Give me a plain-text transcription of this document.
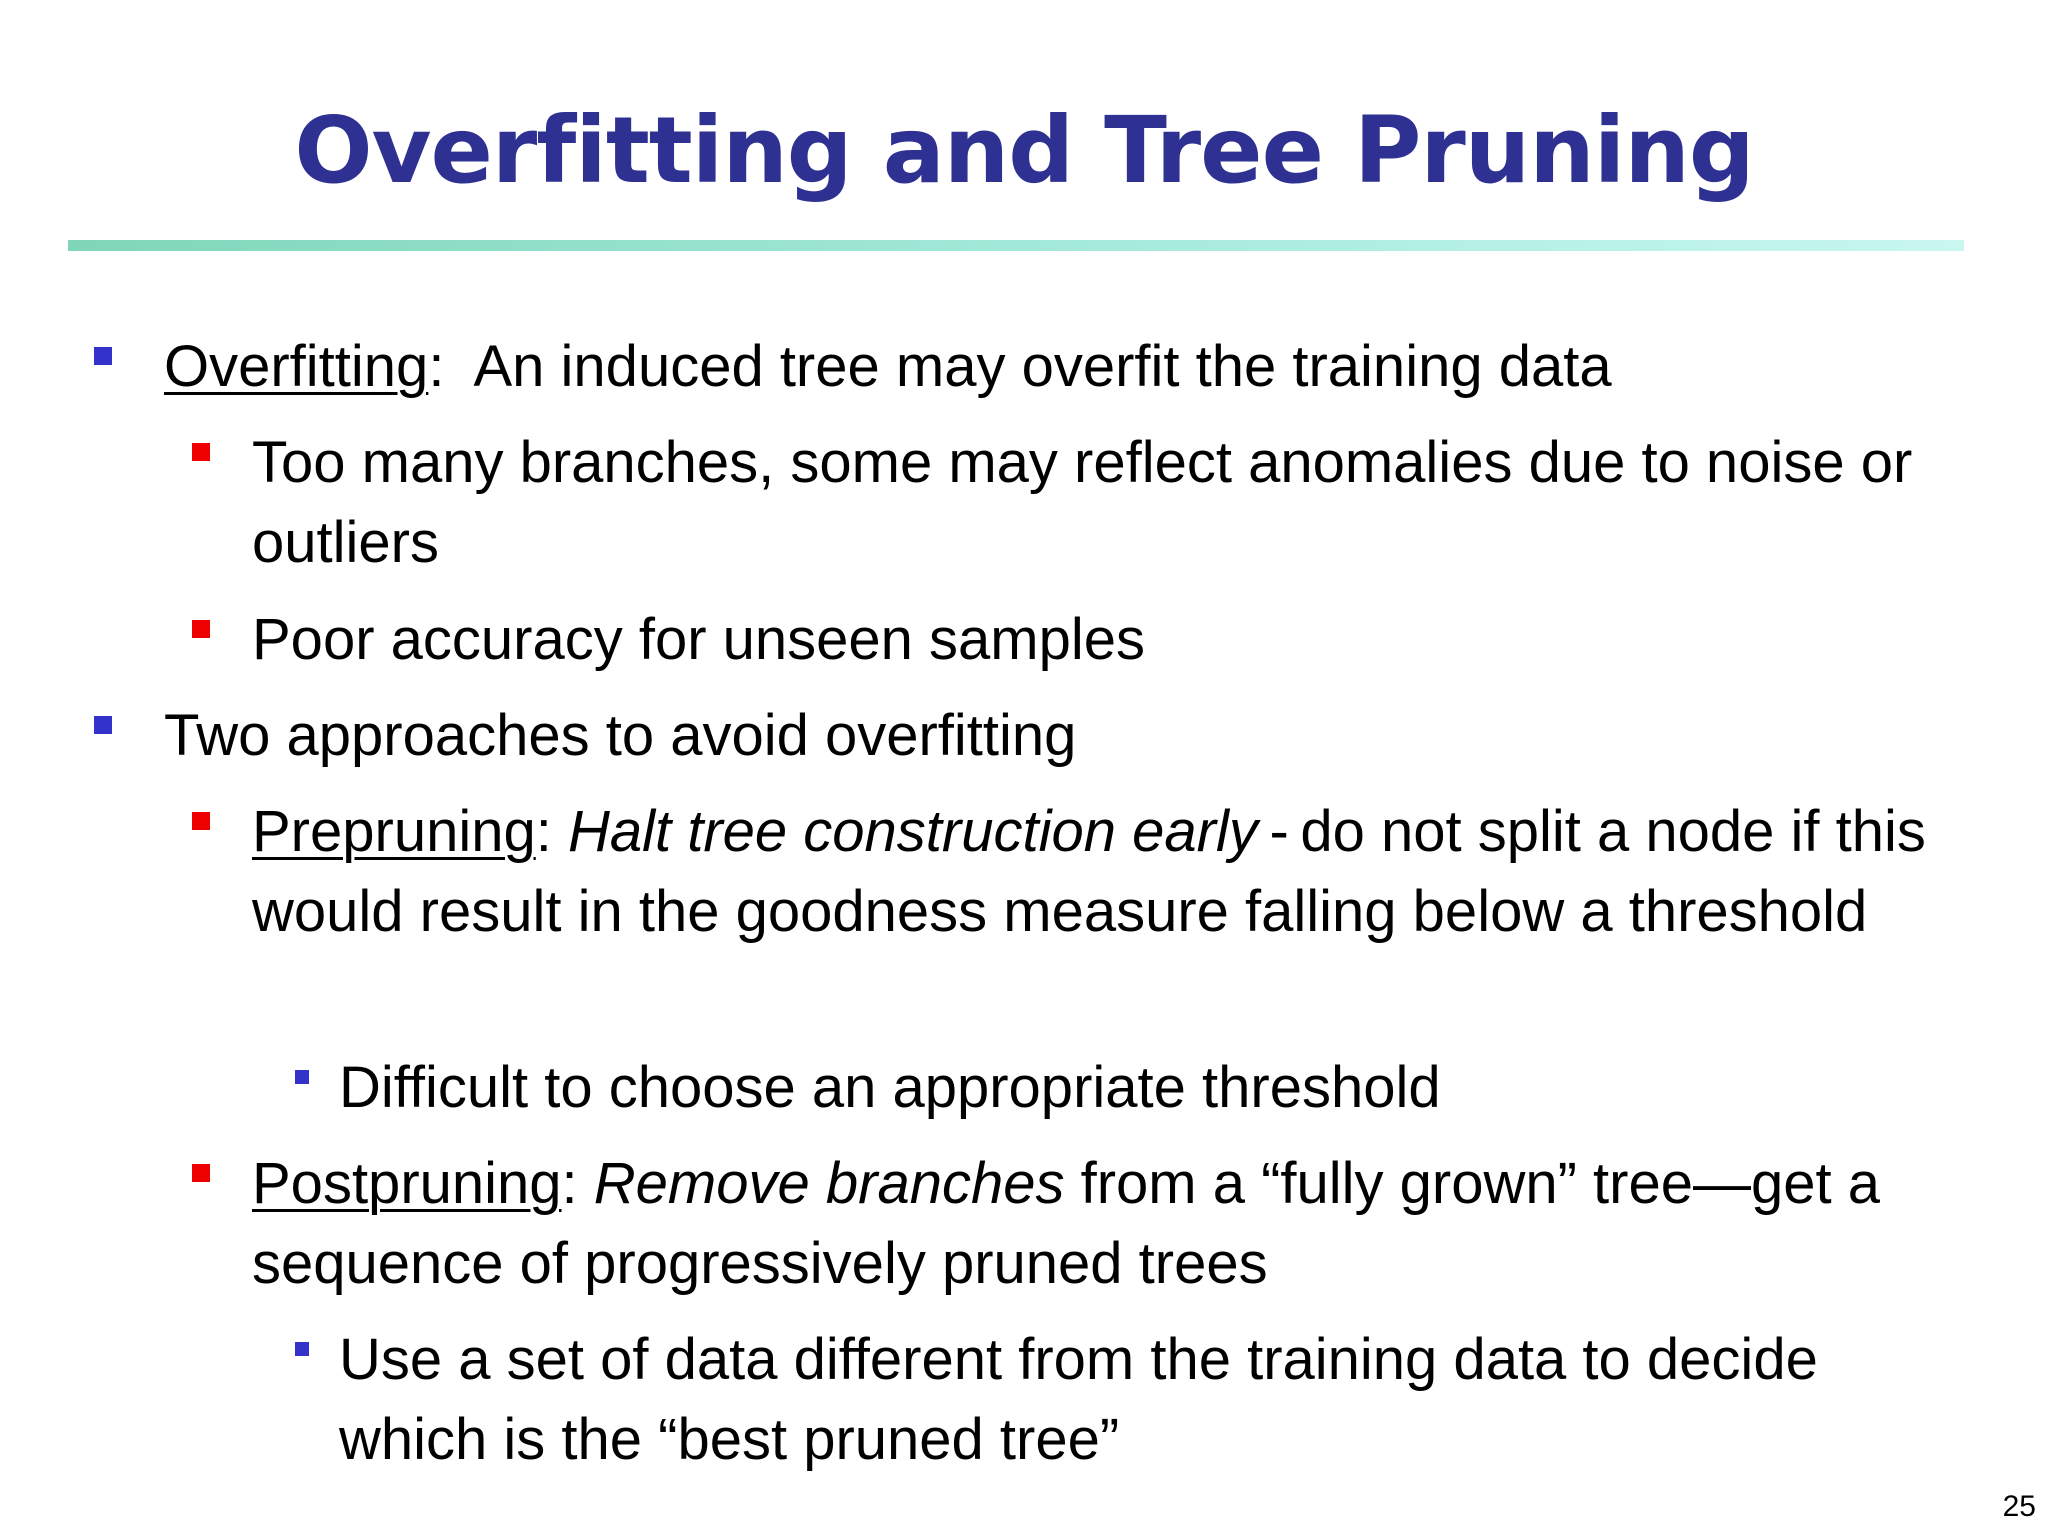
Overfitting and Tree Pruning

Overfitting:  An induced tree may overfit the training data

Too many branches, some may reflect anomalies due to noise or outliers

Poor accuracy for unseen samples

Two approaches to avoid overfitting

Prepruning: Halt tree construction early - do not split a node if this would result in the goodness measure falling below a threshold

Difficult to choose an appropriate threshold

Postpruning: Remove branches from a “fully grown” tree—get a sequence of progressively pruned trees

Use a set of data different from the training data to decide which is the “best pruned tree”

25
